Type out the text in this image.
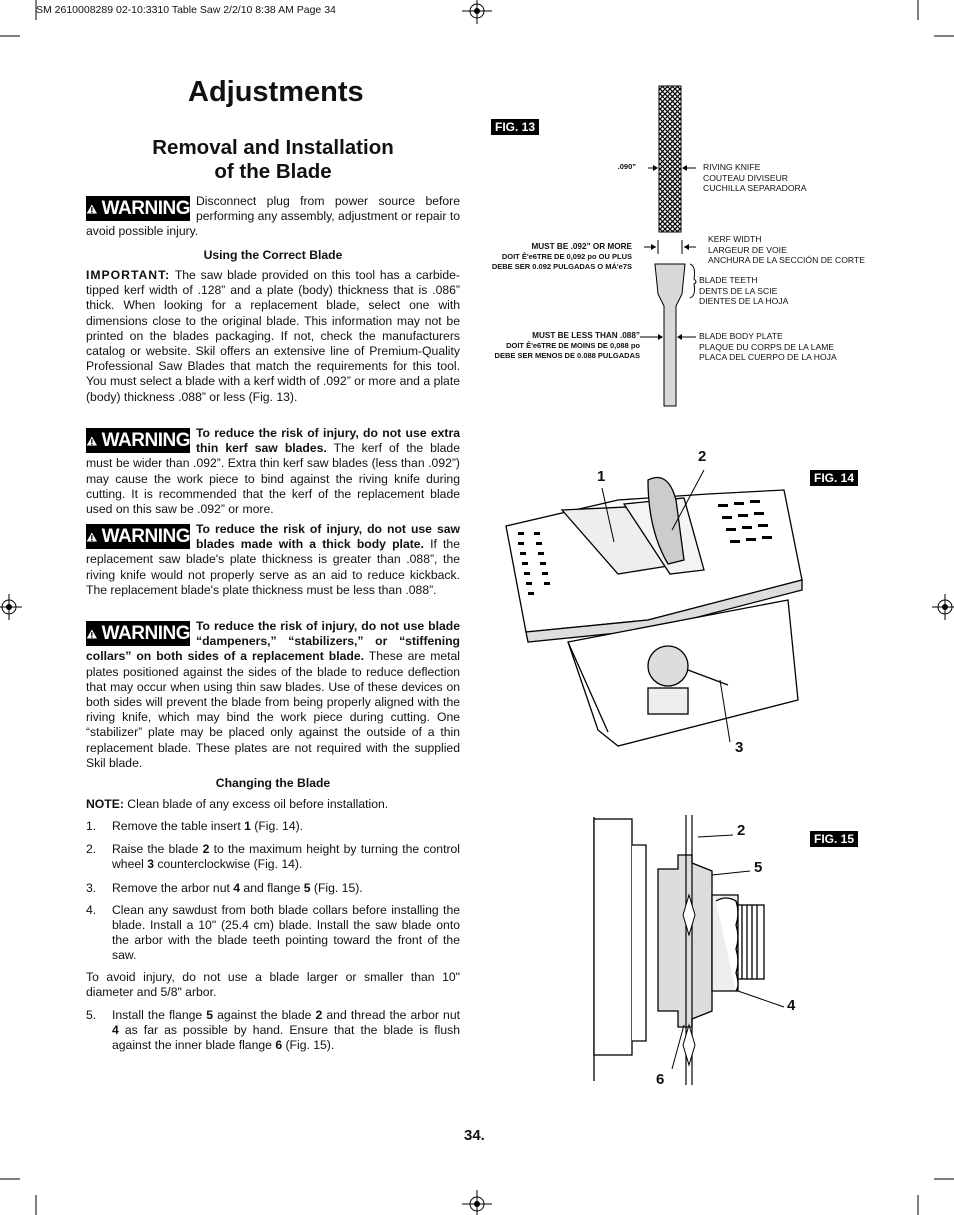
SM 2610008289 02-10:3310 Table Saw 2/2/10 8:38 AM Page 34
Adjustments
Removal and Installation
of the Blade
WARNING Disconnect plug from power source before performing any assembly, adjustment or repair to avoid possible injury.

Using the Correct Blade

IMPORTANT: The saw blade provided on this tool has a carbide-tipped kerf width of .128” and a plate (body) thickness that is .086” thick. When looking for a replacement blade, select one with dimensions close to the original blade. This information may not be printed on the blades packaging. If not, check the manufacturers catalog or website. Skil offers an extensive line of Premium-Quality Professional Saw Blades that match the requirements for this tool. You must select a blade with a kerf width of .092” or more and a plate (body) thickness .088” or less (Fig. 13).

WARNING To reduce the risk of injury, do not use extra thin kerf saw blades. The kerf of the blade must be wider than .092”. Extra thin kerf saw blades (less than .092”) may cause the work piece to bind against the riving knife during cutting. It is recommended that the kerf of the replacement blade used on this saw be .092” or more.

WARNING To reduce the risk of injury, do not use saw blades made with a thick body plate. If the replacement saw blade's plate thickness is greater than .088”, the riving knife would not properly serve as an aid to reduce kickback. The replacement blade's plate thickness must be less than .088”.

WARNING To reduce the risk of injury, do not use blade “dampeners,” “stabilizers,” or “stiffening collars” on both sides of a replacement blade. These are metal plates positioned against the sides of the blade to reduce deflection that may occur when using thin saw blades. Use of these devices on both sides will prevent the blade from being properly aligned with the riving knife, which may bind the work piece during cutting. One “stabilizer” plate may be placed only against the outside of a thin replacement blade. These plates are not required with the supplied Skil blade.

Changing the Blade

NOTE: Clean blade of any excess oil before installation.

1.	Remove the table insert 1 (Fig. 14).
2.	Raise the blade 2 to the maximum height by turning the control wheel 3 counterclockwise (Fig. 14).
3.	Remove the arbor nut 4 and flange 5 (Fig. 15).
4.	Clean any sawdust from both blade collars before installing the blade. Install a 10" (25.4 cm) blade. Install the saw blade onto the arbor with the blade teeth pointing toward the front of the saw.
To avoid injury, do not use a blade larger or smaller than 10" diameter and 5/8" arbor.
5.	Install the flange 5 against the blade 2 and thread the arbor nut 4 as far as possible by hand. Ensure that the blade is flush against the inner blade flange 6 (Fig. 15).
FIG. 13
.090”	RIVING KNIFE
COUTEAU DIVISEUR
CUCHILLA SEPARADORA
MUST BE .092” OR MORE
DOIT Ê'e6TRE DE 0,092 po OU PLUS
DEBE SER 0.092 PULGADAS O MÁ'e7S
KERF WIDTH
LARGEUR DE VOIE
ANCHURA DE LA SECCIÓN DE CORTE
BLADE TEETH
DENTS DE LA SCIE
DIENTES DE LA HOJA
MUST BE LESS THAN .088”
DOIT Ê'e6TRE DE MOINS DE 0,088 po
DEBE SER MENOS DE 0.088 PULGADAS
BLADE BODY PLATE
PLAQUE DU CORPS DE LA LAME
PLACA DEL CUERPO DE LA HOJA
FIG. 14
1
2
3
FIG. 15
2
5
4
6
34.
